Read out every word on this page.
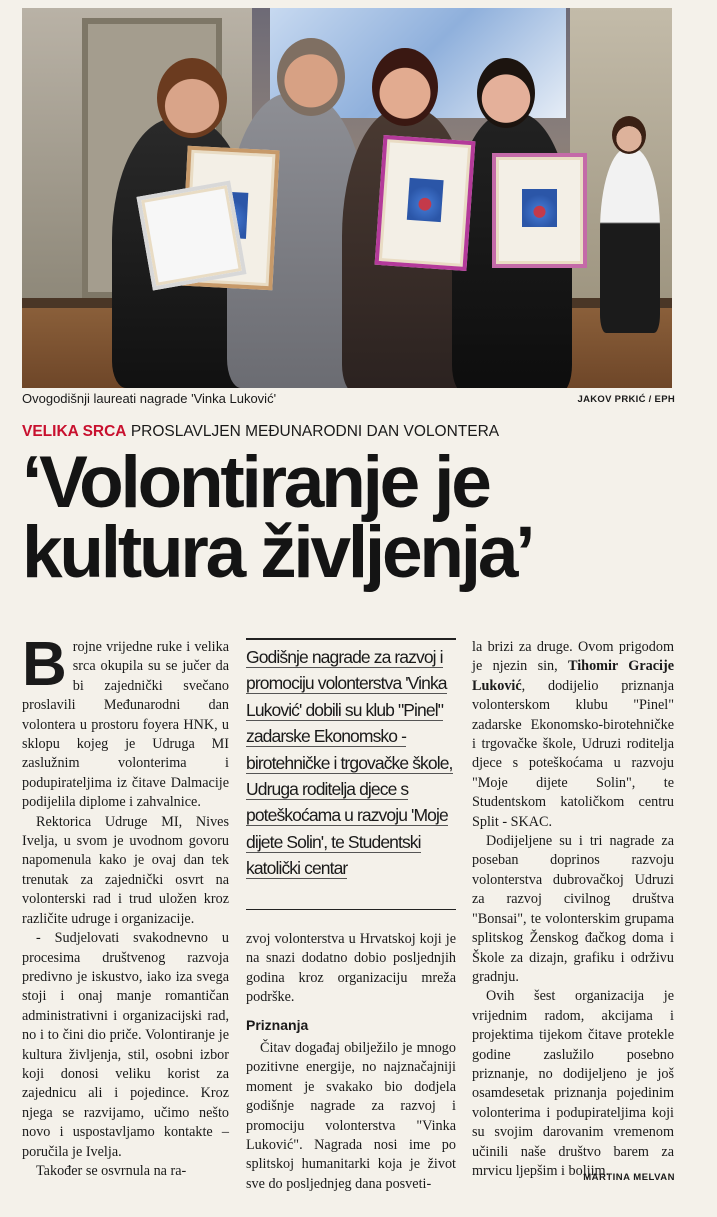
Ovogodišnji laureati nagrade 'Vinka Luković'	JAKOV PRKIĆ / EPH
VELIKA SRCA PROSLAVLJEN MEĐUNARODNI DAN VOLONTERA
‘Volontiranje je
kultura življenja’

Brojne vrijedne ruke i velika srca okupila su se jučer da bi zajednički svečano proslavili Međunarodni dan volontera u prostoru foyera HNK, u sklopu kojeg je Udruga MI zaslužnim volonterima i podupirateljima iz čitave Dalmacije podijelila diplome i zahvalnice.

Rektorica Udruge MI, Nives Ivelja, u svom je uvodnom govoru napomenula kako je ovaj dan tek trenutak za zajednički osvrt na volonterski rad i trud uložen kroz različite udruge i organizacije.

- Sudjelovati svakodnevno u procesima društvenog razvoja predivno je iskustvo, iako iza svega stoji i onaj manje romantičan administrativni i organizacijski rad, no i to čini dio priče. Volontiranje je kultura življenja, stil, osobni izbor koji donosi veliku korist za zajednicu ali i pojedince. Kroz njega se razvijamo, učimo nešto novo i uspostavljamo kontakte – poručila je Ivelja.

Također se osvrnula na ra-

Godišnje nagrade za razvoj i promociju volonterstva 'Vinka Luković' dobili su klub "Pinel" zadarske Ekonomsko - birotehničke i trgovačke škole, Udruga roditelja djece s poteškoćama u razvoju 'Moje dijete Solin', te Studentski katolički centar

zvoj volonterstva u Hrvatskoj koji je na snazi dodatno dobio posljednjih godina kroz organizaciju mreža podrške.

Priznanja

Čitav događaj obilježilo je mnogo pozitivne energije, no najznačajniji moment je svakako bio dodjela godišnje nagrade za razvoj i promociju volonterstva "Vinka Luković". Nagrada nosi ime po splitskoj humanitarki koja je život sve do posljednjeg dana posveti-

la brizi za druge. Ovom prigodom je njezin sin, Tihomir Gracije Luković, dodijelio priznanja volonterskom klubu "Pinel" zadarske Ekonomsko-birotehničke i trgovačke škole, Udruzi roditelja djece s poteškoćama u razvoju "Moje dijete Solin", te Studentskom katoličkom centru Split - SKAC.

Dodijeljene su i tri nagrade za poseban doprinos razvoju volonterstva dubrovačkoj Udruzi za razvoj civilnog društva "Bonsai", te volonterskim grupama splitskog Ženskog đačkog doma i Škole za dizajn, grafiku i održivu gradnju.

Ovih šest organizacija je vrijednim radom, akcijama i projektima tijekom čitave protekle godine zaslužilo posebno priznanje, no dodijeljeno je još osamdesetak priznanja pojedinim volonterima i podupirateljima koji su svojim darovanim vremenom učinili naše društvo barem za mrvicu ljepšim i boljim.

MARTINA MELVAN
